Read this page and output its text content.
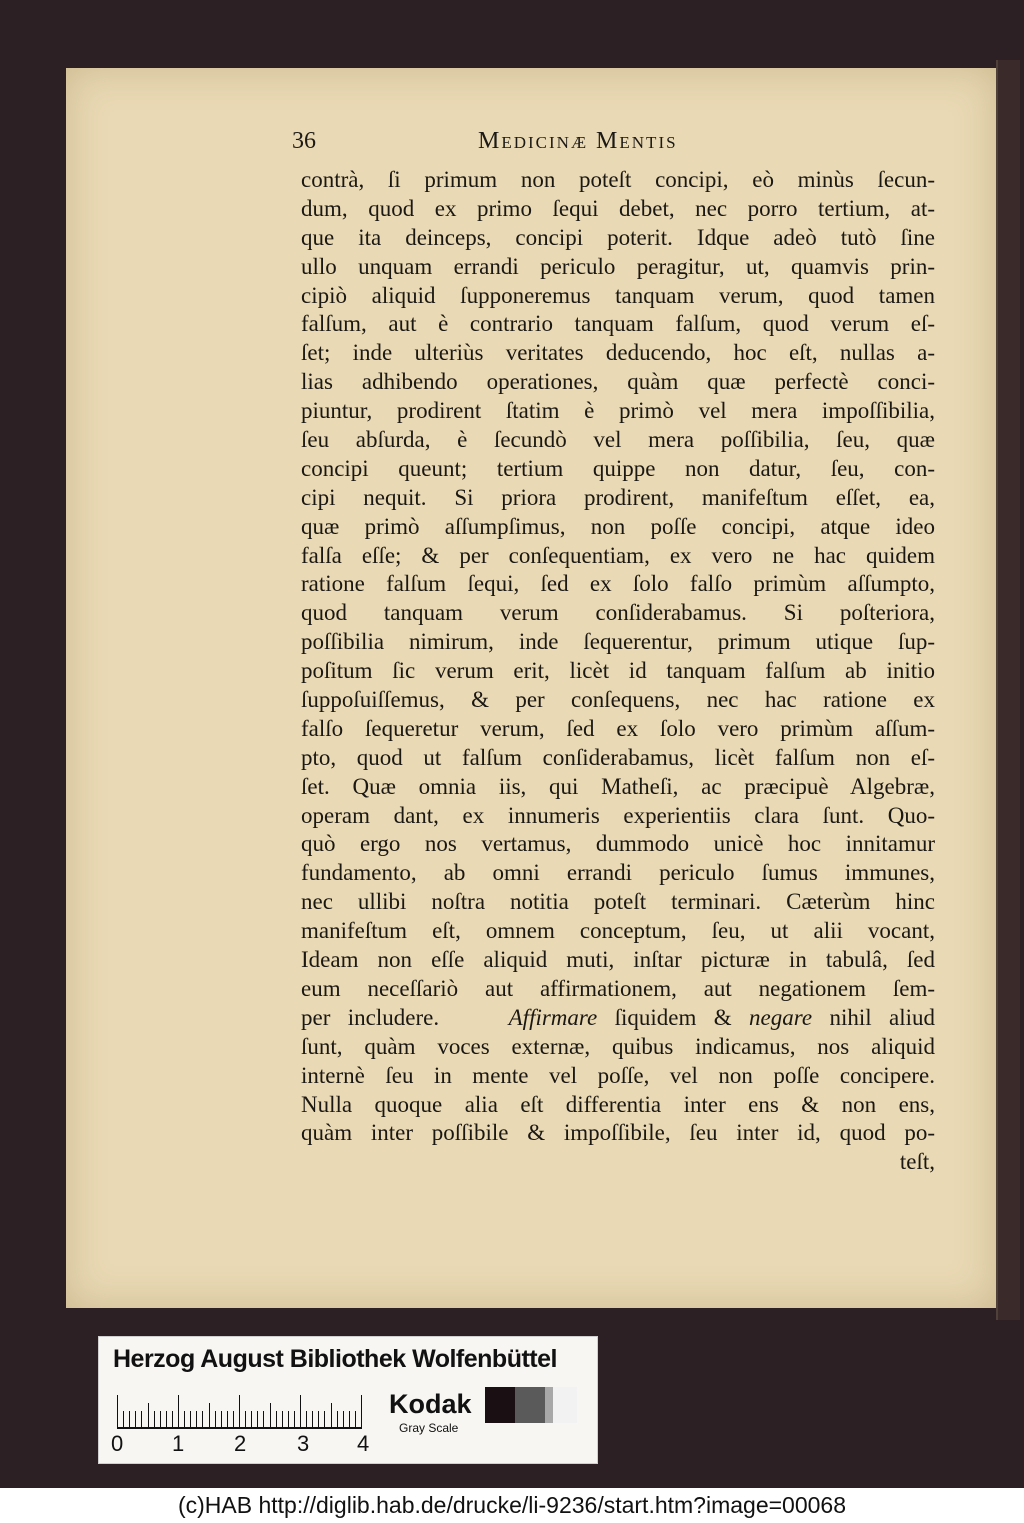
36	Medicinæ Mentis
contrà, ſi primum non poteſt concipi, eò minùs ſecun-
dum, quod ex primo ſequi debet, nec porro tertium, at-
que ita deinceps, concipi poterit. Idque adeò tutò ſine
ullo unquam errandi periculo peragitur, ut, quamvis prin-
cipiò aliquid ſupponeremus tanquam verum, quod tamen
falſum, aut è contrario tanquam falſum, quod verum eſ-
ſet; inde ulteriùs veritates deducendo, hoc eſt, nullas a-
lias adhibendo operationes, quàm quæ perfectè conci-
piuntur, prodirent ſtatim è primò vel mera impoſſibilia,
ſeu abſurda, è ſecundò vel mera poſſibilia, ſeu, quæ
concipi queunt; tertium quippe non datur, ſeu, con-
cipi nequit. Si priora prodirent, manifeſtum eſſet, ea,
quæ primò aſſumpſimus, non poſſe concipi, atque ideo
falſa eſſe; & per conſequentiam, ex vero ne hac quidem
ratione falſum ſequi, ſed ex ſolo falſo primùm aſſumpto,
quod tanquam verum conſiderabamus. Si poſteriora,
poſſibilia nimirum, inde ſequerentur, primum utique ſup-
poſitum ſic verum erit, licèt id tanquam falſum ab initio
ſuppoſuiſſemus, & per conſequens, nec hac ratione ex
falſo ſequeretur verum, ſed ex ſolo vero primùm aſſum-
pto, quod ut falſum conſiderabamus, licèt falſum non eſ-
ſet. Quæ omnia iis, qui Matheſi, ac præcipuè Algebræ,
operam dant, ex innumeris experientiis clara ſunt. Quo-
quò ergo nos vertamus, dummodo unicè hoc innitamur
fundamento, ab omni errandi periculo ſumus immunes,
nec ullibi noſtra notitia poteſt terminari. Cæterùm hinc
manifeſtum eſt, omnem conceptum, ſeu, ut alii vocant,
Ideam non eſſe aliquid muti, inſtar picturæ in tabulâ, ſed
eum neceſſariò aut affirmationem, aut negationem ſem-
per includere.	Affirmare ſiquidem & negare nihil aliud
ſunt, quàm voces externæ, quibus indicamus, nos aliquid
internè ſeu in mente vel poſſe, vel non poſſe concipere.
Nulla quoque alia eſt differentia inter ens & non ens,
quàm inter poſſibile & impoſſibile, ſeu inter id, quod po-
teſt,
Herzog August Bibliothek Wolfenbüttel
0 1 2 3 4
Kodak
Gray Scale
(c)HAB http://diglib.hab.de/drucke/li-9236/start.htm?image=00068
